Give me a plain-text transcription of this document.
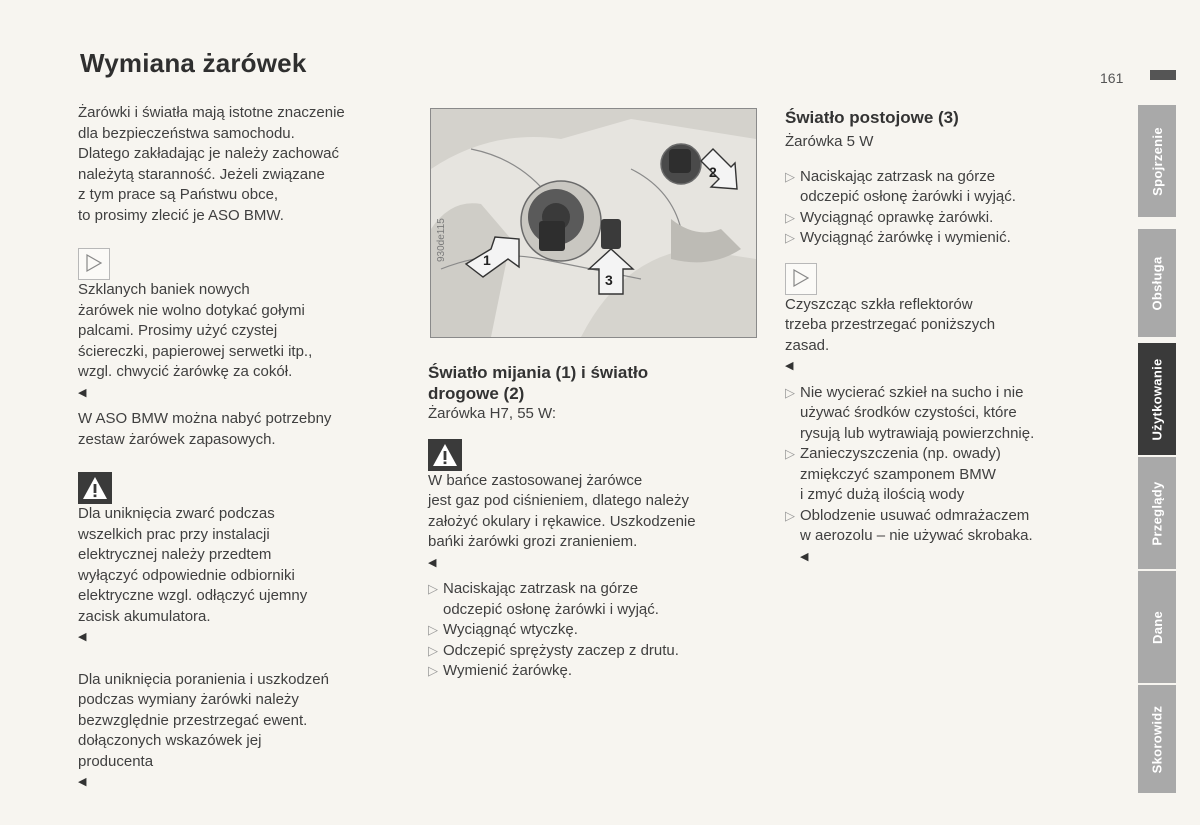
Wymiana żarówek	161
Żarówki i światła mają istotne znaczenie
dla bezpieczeństwa samochodu.
Dlatego zakładając je należy zachować
należytą staranność. Jeżeli związane
z tym prace są Państwu obce,
to prosimy zlecić je ASO BMW.
Szklanych baniek nowych
żarówek nie wolno dotykać gołymi
palcami. Prosimy użyć czystej
ściereczki, papierowej serwetki itp.,
wzgl. chwycić żarówkę za cokół.
◀
W ASO BMW można nabyć potrzebny
zestaw żarówek zapasowych.
Dla uniknięcia zwarć podczas
wszelkich prac przy instalacji
elektrycznej należy przedtem
wyłączyć odpowiednie odbiorniki
elektryczne wzgl. odłączyć ujemny
zacisk akumulatora.
◀
Dla uniknięcia poranienia i uszkodzeń
podczas wymiany żarówki należy
bezwzględnie przestrzegać ewent.
dołączonych wskazówek jej
producenta
◀
1
2
3
930de115
Światło mijania (1) i światło
drogowe (2)

Żarówka H7, 55 W:

W bańce zastosowanej żarówce
jest gaz pod ciśnieniem, dlatego należy
założyć okulary i rękawice. Uszkodzenie
bańki żarówki grozi zranieniem.
◀
▷ Naciskając zatrzask na górze
odczepić osłonę żarówki i wyjąć.
▷ Wyciągnąć wtyczkę.
▷ Odczepić sprężysty zaczep z drutu.
▷ Wymienić żarówkę.
Światło postojowe (3)

Żarówka 5 W

▷ Naciskając zatrzask na górze
odczepić osłonę żarówki i wyjąć.
▷ Wyciągnąć oprawkę żarówki.
▷ Wyciągnąć żarówkę i wymienić.
Czyszcząc szkła reflektorów
trzeba przestrzegać poniższych
zasad.
◀
▷ Nie wycierać szkieł na sucho i nie
używać środków czystości, które
rysują lub wytrawiają powierzchnię.
▷ Zanieczyszczenia (np. owady)
zmiękczyć szamponem BMW
i zmyć dużą ilością wody
▷ Oblodzenie usuwać odmrażaczem
w aerozolu – nie używać skrobaka.
◀
Spojrzenie
Obsługa
Użytkowanie
Przeglądy
Dane
Skorowidz
